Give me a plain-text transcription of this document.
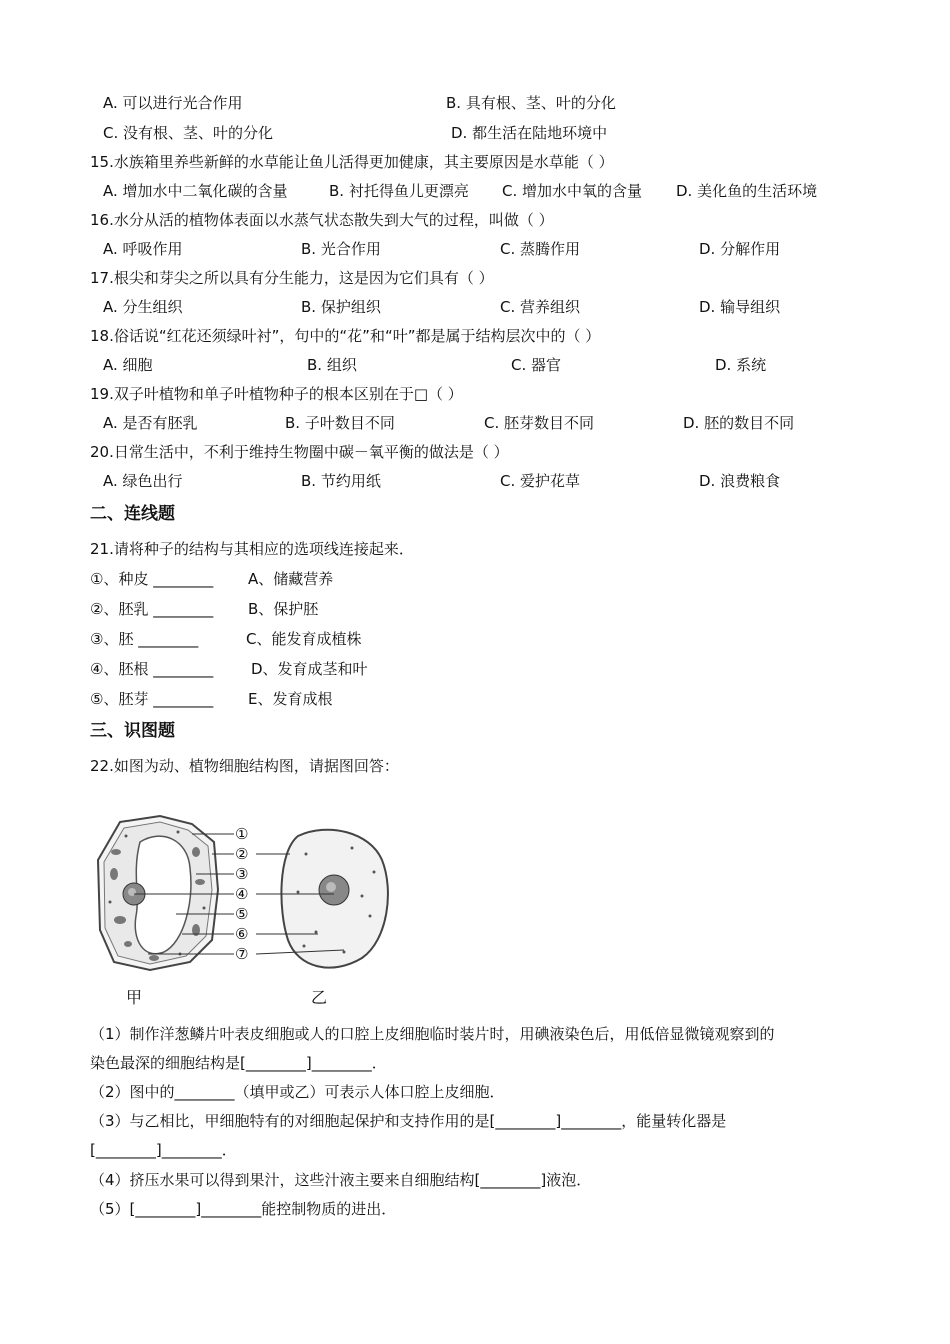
A. 可以进行光合作用	B. 具有根、茎、叶的分化
C. 没有根、茎、叶的分化	D. 都生活在陆地环境中
15.水族箱里养些新鲜的水草能让鱼儿活得更加健康，其主要原因是水草能（ ）
A. 增加水中二氧化碳的含量	B. 衬托得鱼儿更漂亮 C. 增加水中氧的含量 D. 美化鱼的生活环境
16.水分从活的植物体表面以水蒸气状态散失到大气的过程，叫做（ ）
A. 呼吸作用	B. 光合作用	C. 蒸腾作用	D. 分解作用
17.根尖和芽尖之所以具有分生能力，这是因为它们具有（ ）
A. 分生组织	B. 保护组织	C. 营养组织	D. 输导组织
18.俗话说“红花还须绿叶衬”，句中的“花”和“叶”都是属于结构层次中的（ ）
A. 细胞	B. 组织	C. 器官	D. 系统
19.双子叶植物和单子叶植物种子的根本区别在于□（ ）
A. 是否有胚乳	B. 子叶数目不同	C. 胚芽数目不同	D. 胚的数目不同
20.日常生活中，不利于维持生物圈中碳－氧平衡的做法是（ ）
A. 绿色出行	B. 节约用纸	C. 爱护花草	D. 浪费粮食
二、连线题
21.请将种子的结构与其相应的选项线连接起来．
①、种皮 ________ A、储藏营养
②、胚乳 ________ B、保护胚
③、胚 ________	C、能发育成植株
④、胚根 ________	D、发育成茎和叶
⑤、胚芽 ________ E、发育成根
三、识图题
22.如图为动、植物细胞结构图，请据图回答：
①
②
③
④
⑤
⑥
⑦
甲	乙
（1）制作洋葱鳞片叶表皮细胞或人的口腔上皮细胞临时装片时，用碘液染色后，用低倍显微镜观察到的
染色最深的细胞结构是[________]________．
（2）图中的________（填甲或乙）可表示人体口腔上皮细胞．
（3）与乙相比，甲细胞特有的对细胞起保护和支持作用的是[________]________，能量转化器是
[________]________．
（4）挤压水果可以得到果汁，这些汁液主要来自细胞结构[________]液泡．
（5）[________]________能控制物质的进出．
